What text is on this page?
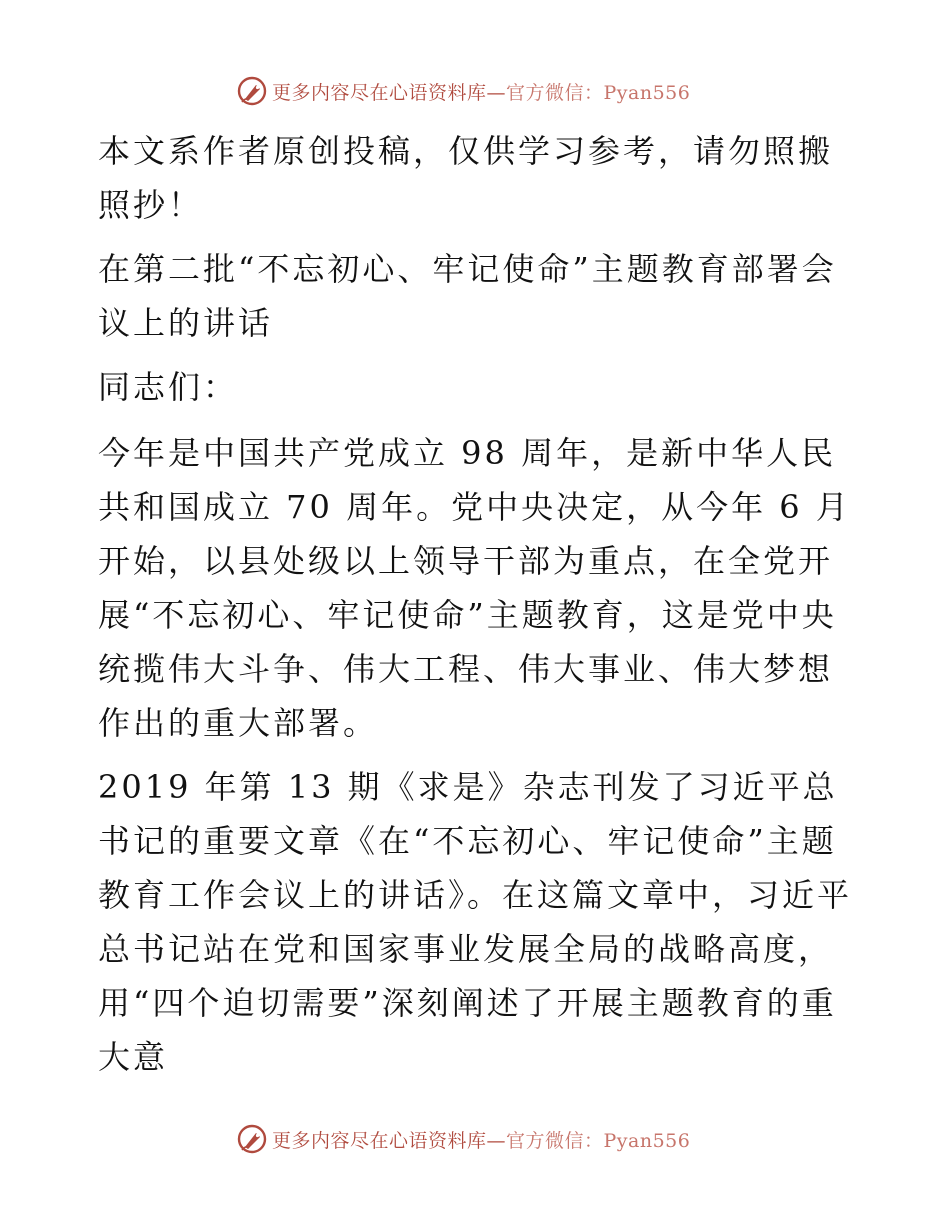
更多内容尽在心语资料库— 官方微信：Pyan556

本文系作者原创投稿，仅供学习参考，请勿照搬照抄！

在第二批“不忘初心、牢记使命”主题教育部署会议上的讲话

同志们：

今年是中国共产党成立 98 周年，是新中华人民共和国成立 70 周年。党中央决定，从今年 6 月开始，以县处级以上领导干部为重点，在全党开展“不忘初心、牢记使命”主题教育，这是党中央统揽伟大斗争、伟大工程、伟大事业、伟大梦想作出的重大部署。

2019 年第 13 期《求是》杂志刊发了习近平总书记的重要文章《在“不忘初心、牢记使命”主题教育工作会议上的讲话》。在这篇文章中，习近平总书记站在党和国家事业发展全局的战略高度，用“四个迫切需要”深刻阐述了开展主题教育的重大意

更多内容尽在心语资料库— 官方微信：Pyan556
